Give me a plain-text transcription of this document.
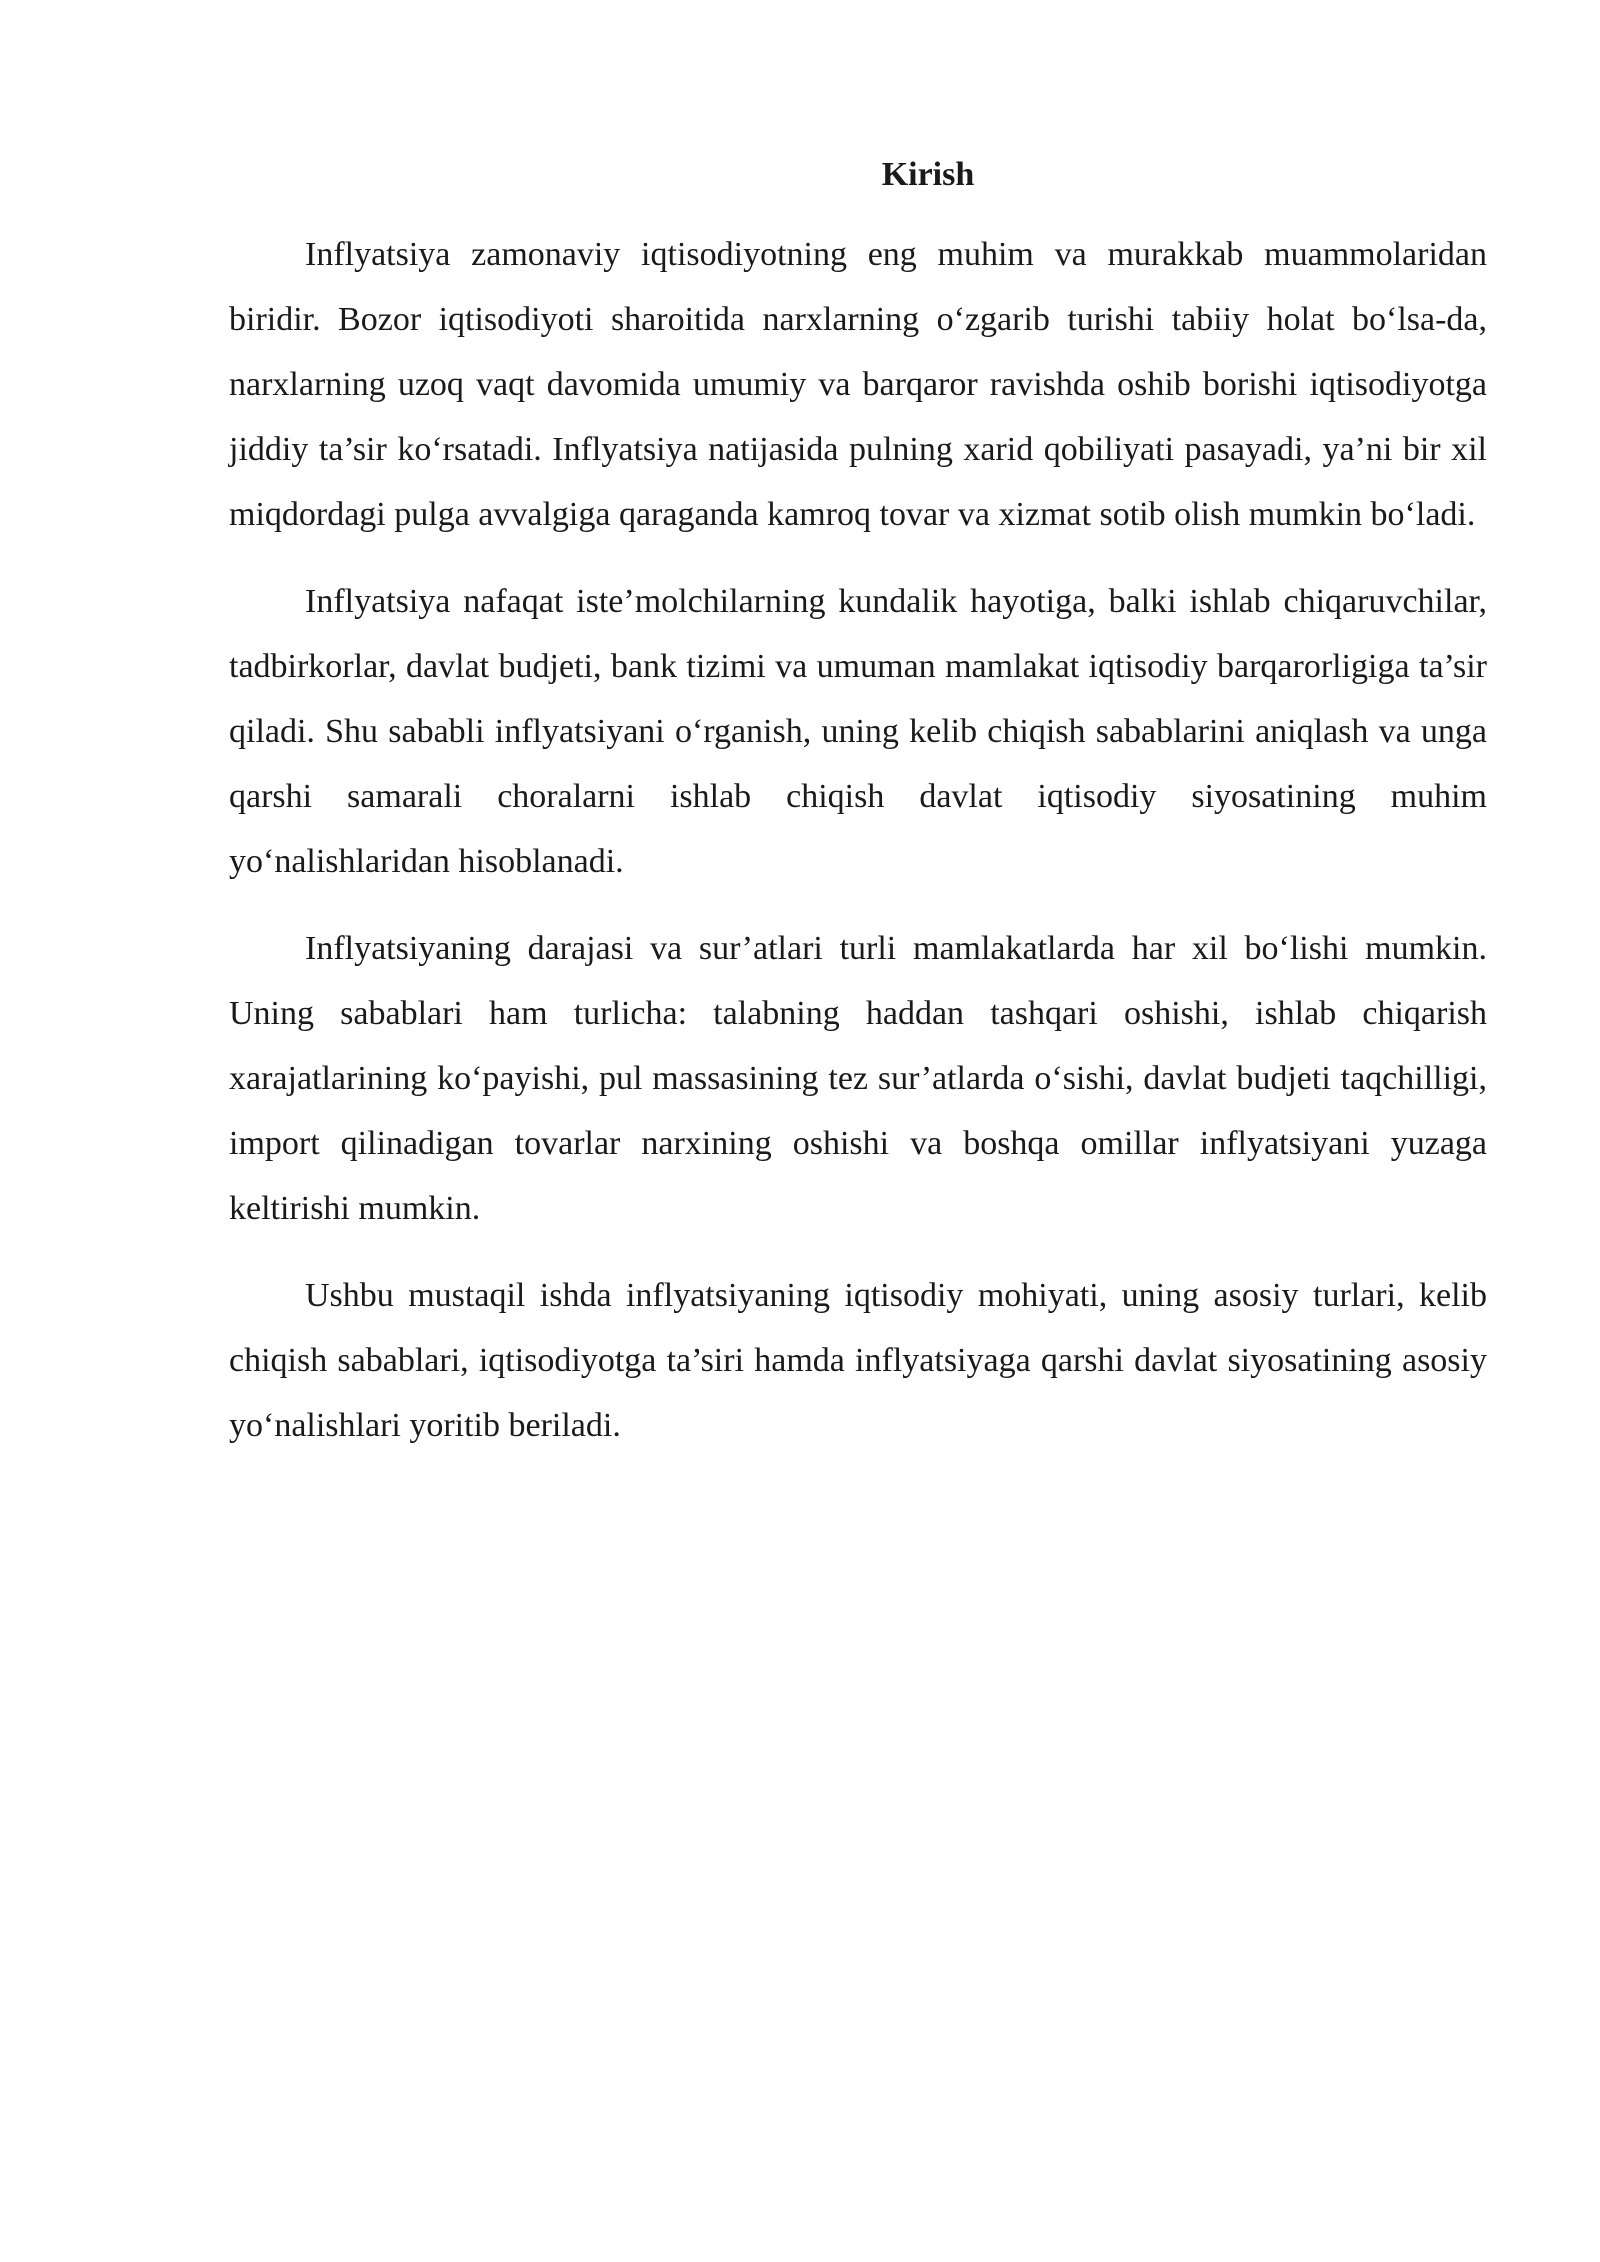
Kirish

Inflyatsiya zamonaviy iqtisodiyotning eng muhim va murakkab muammolaridan biridir. Bozor iqtisodiyoti sharoitida narxlarning o‘zgarib turishi tabiiy holat bo‘lsa-da, narxlarning uzoq vaqt davomida umumiy va barqaror ravishda oshib borishi iqtisodiyotga jiddiy ta’sir ko‘rsatadi. Inflyatsiya natijasida pulning xarid qobiliyati pasayadi, ya’ni bir xil miqdordagi pulga avvalgiga qaraganda kamroq tovar va xizmat sotib olish mumkin bo‘ladi.

Inflyatsiya nafaqat iste’molchilarning kundalik hayotiga, balki ishlab chiqaruvchilar, tadbirkorlar, davlat budjeti, bank tizimi va umuman mamlakat iqtisodiy barqarorligiga ta’sir qiladi. Shu sababli inflyatsiyani o‘rganish, uning kelib chiqish sabablarini aniqlash va unga qarshi samarali choralarni ishlab chiqish davlat iqtisodiy siyosatining muhim yo‘nalishlaridan hisoblanadi.

Inflyatsiyaning darajasi va sur’atlari turli mamlakatlarda har xil bo‘lishi mumkin. Uning sabablari ham turlicha: talabning haddan tashqari oshishi, ishlab chiqarish xarajatlarining ko‘payishi, pul massasining tez sur’atlarda o‘sishi, davlat budjeti taqchilligi, import qilinadigan tovarlar narxining oshishi va boshqa omillar inflyatsiyani yuzaga keltirishi mumkin.

Ushbu mustaqil ishda inflyatsiyaning iqtisodiy mohiyati, uning asosiy turlari, kelib chiqish sabablari, iqtisodiyotga ta’siri hamda inflyatsiyaga qarshi davlat siyosatining asosiy yo‘nalishlari yoritib beriladi.
